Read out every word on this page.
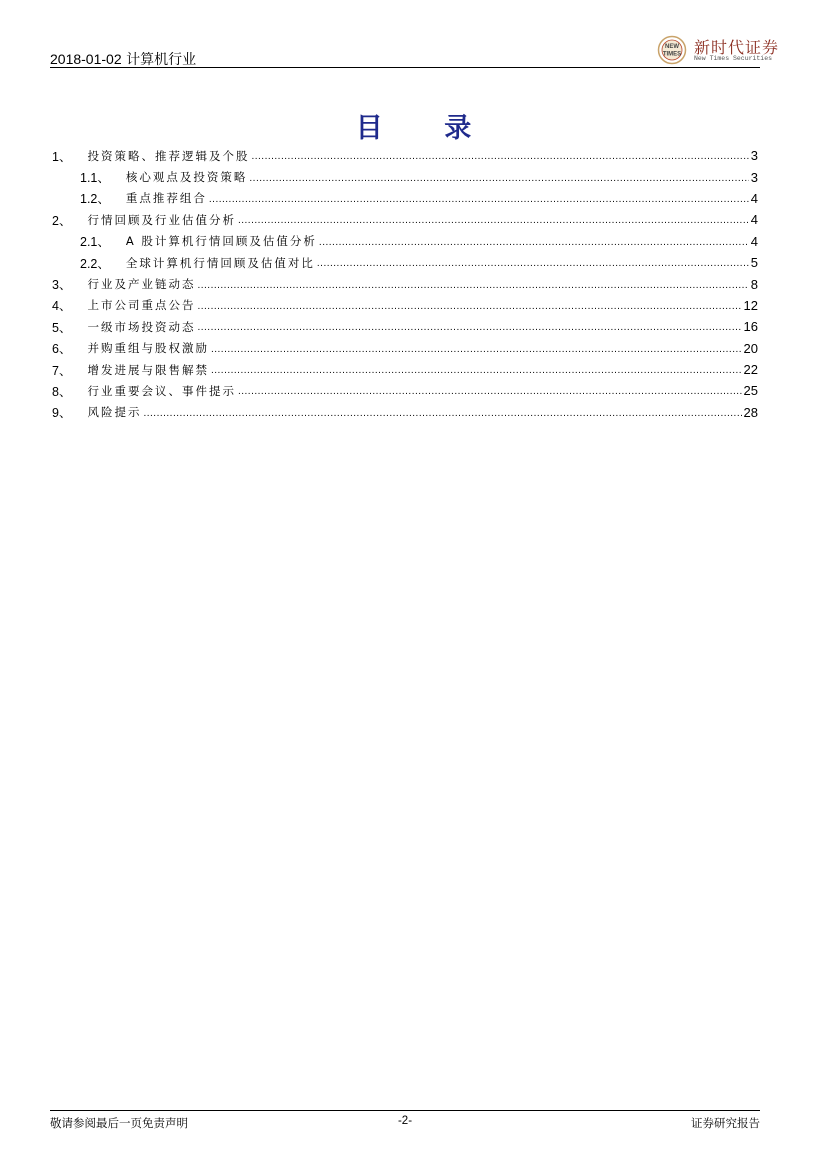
2018-01-02 计算机行业
NEW
TIMES 新时代证券
New Times Securities
目 录
1、 投资策略、推荐逻辑及个股 .....	3
1.1、 核心观点及投资策略 .....	3
1.2、 重点推荐组合 .....	4
2、 行情回顾及行业估值分析 .....	4
2.1、 A 股计算机行情回顾及估值分析 .....	4
2.2、 全球计算机行情回顾及估值对比 .....	5
3、 行业及产业链动态 .....	8
4、 上市公司重点公告 .....	12
5、 一级市场投资动态 .....	16
6、 并购重组与股权激励 .....	20
7、 增发进展与限售解禁 .....	22
8、 行业重要会议、事件提示 .....	25
9、 风险提示 .....	28
敬请参阅最后一页免责声明	-2-	证券研究报告
